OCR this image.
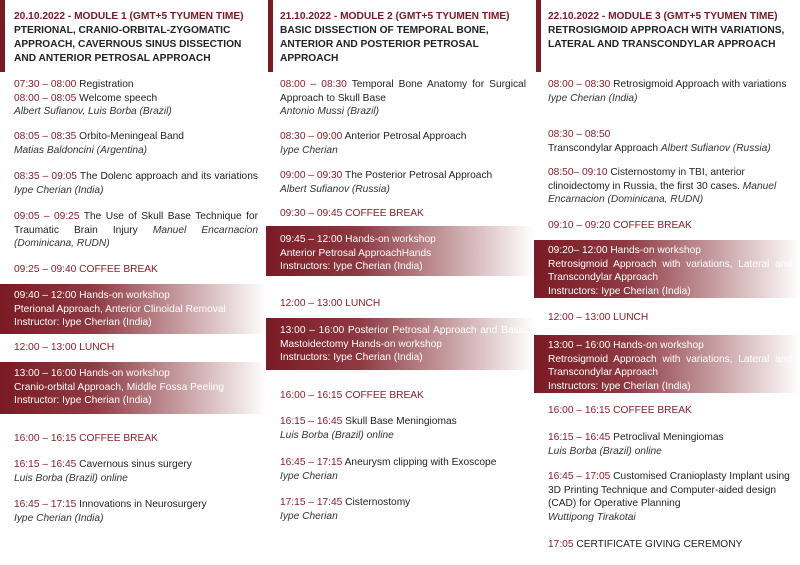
20.10.2022 - MODULE 1 (GMT+5 TYUMEN TIME)
PTERIONAL, CRANIO-ORBITAL-ZYGOMATIC APPROACH, CAVERNOUS SINUS DISSECTION AND ANTERIOR PETROSAL APPROACH
07:30 – 08:00 Registration
08:00 – 08:05 Welcome speech
Albert Sufianov, Luis Borba (Brazil)
08:05 – 08:35 Orbito-Meningeal Band
Matias Baldoncini (Argentina)
08:35 – 09:05 The Dolenc approach and its variations Iype Cherian (India)
09:05 – 09:25 The Use of Skull Base Technique for Traumatic Brain Injury Manuel Encarnacion (Dominicana, RUDN)
09:25 – 09:40 COFFEE BREAK
09:40 – 12:00 Hands-on workshop
Pterional Approach, Anterior Clinoidal Removal
Instructor: Iype Cherian (India)
12:00 – 13:00 LUNCH
13:00 – 16:00 Hands-on workshop
Cranio-orbital Approach, Middle Fossa Peeling
Instructor: Iype Cherian (India)
16:00 – 16:15 COFFEE BREAK
16:15 – 16:45 Cavernous sinus surgery
Luis Borba (Brazil) online
16:45 – 17:15 Innovations in Neurosurgery
Iype Cherian (India)
21.10.2022 - MODULE 2 (GMT+5 TYUMEN TIME)
BASIC DISSECTION OF TEMPORAL BONE, ANTERIOR AND POSTERIOR PETROSAL APPROACH
08:00 – 08:30 Temporal Bone Anatomy for Surgical Approach to Skull Base
Antonio Mussi (Brazil)
08:30 – 09:00 Anterior Petrosal Approach
Iype Cherian
09:00 – 09:30 The Posterior Petrosal Approach
Albert Sufianov (Russia)
09:30 – 09:45 COFFEE BREAK
09:45 – 12:00 Hands-on workshop
Anterior Petrosal ApproachHands
Instructors: Iype Cherian (India)
12:00 – 13:00 LUNCH
13:00 – 16:00 Posterior Petrosal Approach and Basic Mastoidectomy Hands-on workshop
Instructors: Iype Cherian (India)
16:00 – 16:15 COFFEE BREAK
16:15 – 16:45 Skull Base Meningiomas
Luis Borba (Brazil) online
16:45 – 17:15 Aneurysm clipping with Exoscope
Iype Cherian
17:15 – 17:45 Cisternostomy
Iype Cherian
22.10.2022 - MODULE 3 (GMT+5 TYUMEN TIME)
RETROSIGMOID APPROACH WITH VARIATIONS, LATERAL AND TRANSCONDYLAR APPROACH
08:00 – 08:30 Retrosigmoid Approach with variations
Iype Cherian (India)
08:30 – 08:50
Transcondylar Approach Albert Sufianov (Russia)
08:50– 09:10 Cisternostomy in TBI, anterior clinoidectomy in Russia, the first 30 cases. Manuel Encarnacion (Dominicana, RUDN)
09:10 – 09:20 COFFEE BREAK
09:20– 12:00 Hands-on workshop
Retrosigmoid Approach with variations, Lateral and Transcondylar Approach
Instructors: Iype Cherian (India)
12:00 – 13:00 LUNCH
13:00 – 16:00 Hands-on workshop
Retrosigmoid Approach with variations, Lateral and Transcondylar Approach
Instructors: Iype Cherian (India)
16:00 – 16:15 COFFEE BREAK
16:15 – 16:45 Petroclival Meningiomas
Luis Borba (Brazil) online
16:45 – 17:05 Customised Cranioplasty Implant using 3D Printing Technique and Computer-aided design (CAD) for Operative Planning
Wuttipong Tirakotai
17:05 CERTIFICATE GIVING CEREMONY
